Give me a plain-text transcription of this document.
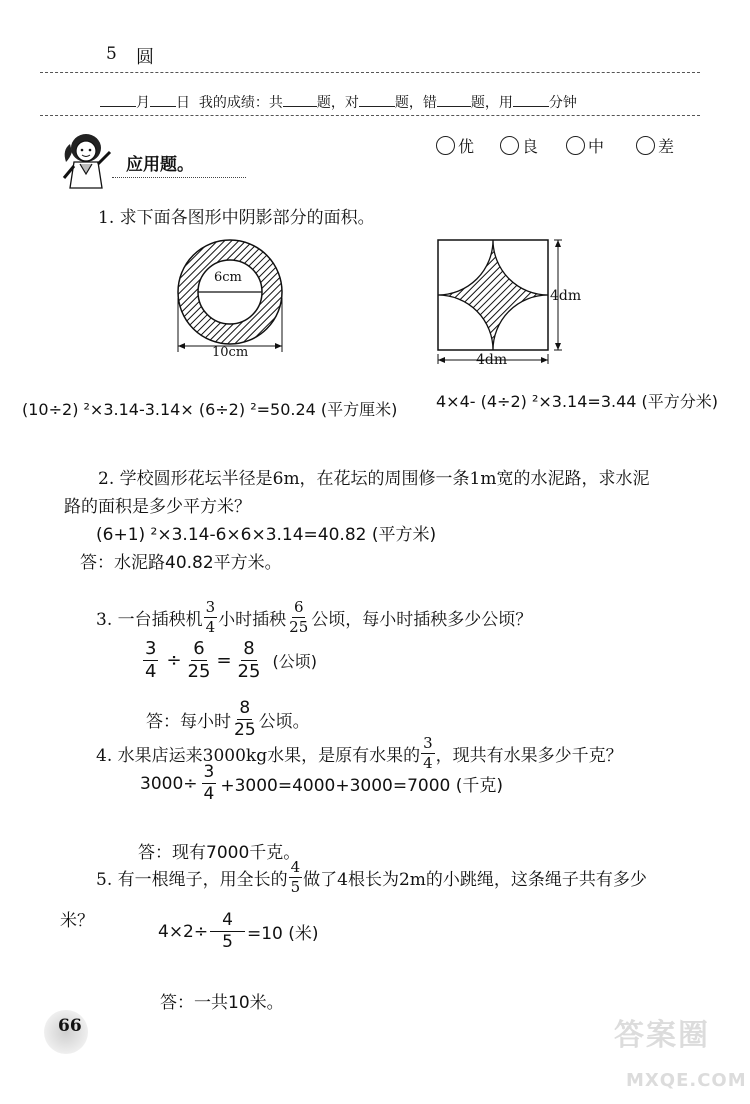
5 圆
月 日 我的成绩：共 题，对	题，错 题，用	分钟
应用题。
优	良	中	差
1. 求下面各图形中阴影部分的面积。
6cm
10cm
4dm
4dm
(10÷2) ²×3.14-3.14× (6÷2) ²=50.24 (平方厘米) 4×4- (4÷2) ²×3.14=3.44 (平方分米)
2. 学校圆形花坛半径是6m，在花坛的周围修一条1m宽的水泥路，求水泥
路的面积是多少平方米？
(6+1) ²×3.14-6×6×3.14=40.82 (平方米)
答：水泥路40.82平方米。
3. 一台插秧机 $\frac{3}{4}$ 小时插秧 $\frac{6}{25}$ 公顷，每小时插秧多少公顷？
$\frac{3}{4} \div \frac{6}{25} = \frac{8}{25}$ (公顷)
答：每小时 $\frac{8}{25}$ 公顷。
4. 水果店运来3000kg水果，是原有水果的 $\frac{3}{4}$ ，现共有水果多少千克？
$3000\div \frac{3}{4} +3000=4000+3000=7000$ (千克)
答：现有7000千克。
5. 有一根绳子，用全长的 $\frac{4}{5}$ 做了4根长为2m的小跳绳，这条绳子共有多少
米？
$4\times 2\div \frac{4}{5} =10$ (米)
答：一共10米。
66	答案圈
MXQE.COM
